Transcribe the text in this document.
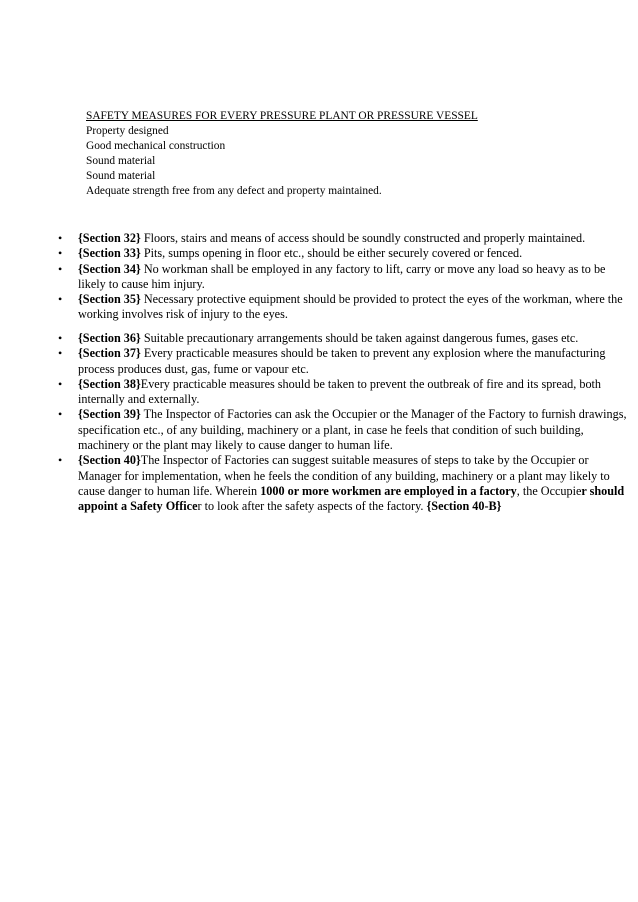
SAFETY MEASURES FOR EVERY PRESSURE PLANT OR PRESSURE VESSEL
Property designed
Good mechanical construction
Sound material
Sound material
Adequate strength free from any defect and property maintained.
• {Section 32} Floors, stairs and means of access should be soundly constructed and properly maintained.
• {Section 33} Pits, sumps opening in floor etc., should be either securely covered or fenced.
• {Section 34} No workman shall be employed in any factory to lift, carry or move any load so heavy as to be likely to cause him injury.
• {Section 35} Necessary protective equipment should be provided to protect the eyes of the workman, where the working involves risk of injury to the eyes.
• {Section 36} Suitable precautionary arrangements should be taken against dangerous fumes, gases etc.
• {Section 37} Every practicable measures should be taken to prevent any explosion where the manufacturing process produces dust, gas, fume or vapour etc.
• {Section 38}Every practicable measures should be taken to prevent the outbreak of fire and its spread, both internally and externally.
• {Section 39} The Inspector of Factories can ask the Occupier or the Manager of the Factory to furnish drawings, specification etc., of any building, machinery or a plant, in case he feels that condition of such building, machinery or the plant may likely to cause danger to human life.
• {Section 40}The Inspector of Factories can suggest suitable measures of steps to take by the Occupier or Manager for implementation, when he feels the condition of any building, machinery or a plant may likely to cause danger to human life. Wherein 1000 or more workmen are employed in a factory, the Occupier should appoint a Safety Officer to look after the safety aspects of the factory. {Section 40-B}
